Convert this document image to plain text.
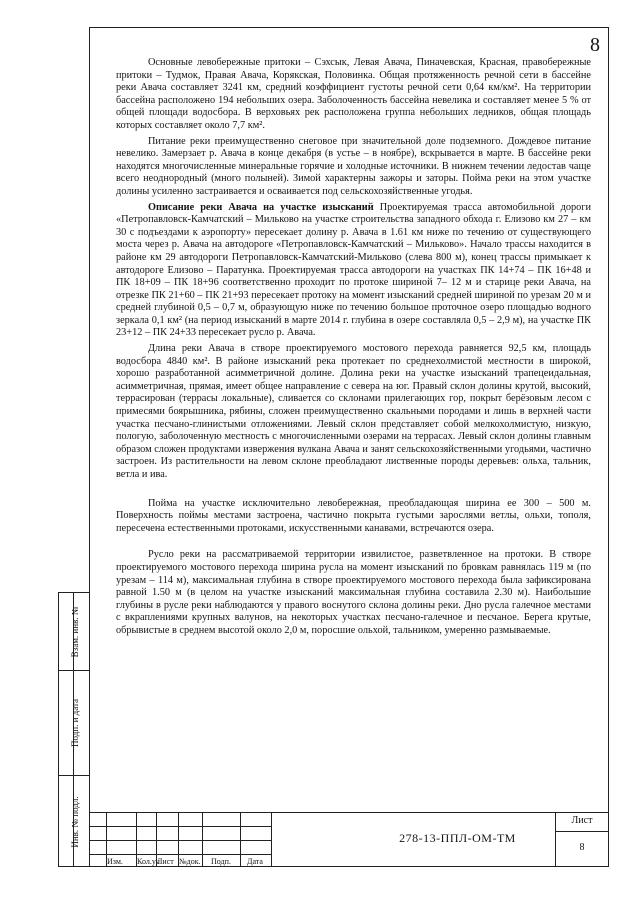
8

Основные левобережные притоки – Сэхсык, Левая Авача, Пиначевская, Красная, правобережные притоки – Тудмок, Правая Авача, Корякская, Половинка. Общая протяженность речной сети в бассейне реки Авача составляет 3241 км, средний коэффициент густоты речной сети 0,64 км/км². На территории бассейна расположено 194 небольших озера. Заболоченность бассейна невелика и составляет менее 5 % от общей площади водосбора. В верховьях рек расположена группа небольших ледников, общая площадь которых составляет около 7,7 км².

Питание реки преимущественно снеговое при значительной доле подземного. Дождевое питание невелико. Замерзает р. Авача в конце декабря (в устье – в ноябре), вскрывается в марте. В бассейне реки находятся многочисленные минеральные горячие и холодные источники. В нижнем течении ледостав чаще всего неоднородный (много полыней). Зимой характерны зажоры и заторы. Пойма реки на этом участке долины усиленно застраивается и осваивается под сельскохозяйственные угодья.

Описание реки Авача на участке изысканий Проектируемая трасса автомобильной дороги «Петропавловск-Камчатский – Мильково на участке строительства западного обхода г. Елизово км 27 – км 30 с подъездами к аэропорту» пересекает долину р. Авача в 1.61 км ниже по течению от существующего моста через р. Авача на автодороге «Петропавловск-Камчатский – Мильково». Начало трассы находится в районе км 29 автодороги Петропавловск-Камчатский-Мильково (слева 800 м), конец трассы примыкает к автодороге Елизово – Паратунка. Проектируемая трасса автодороги на участках ПК 14+74 – ПК 16+48 и ПК 18+09 – ПК 18+96 соответственно проходит по протоке шириной 7– 12 м и старице реки Авача, на отрезке ПК 21+60 – ПК 21+93 пересекает протоку на момент изысканий средней шириной по урезам 20 м и средней глубиной 0,5 – 0,7 м, образующую ниже по течению большое проточное озеро площадью водного зеркала 0,1 км² (на период изысканий в марте 2014 г. глубина в озере составляла 0,5 – 2,9 м), на участке ПК 23+12 – ПК 24+33 пересекает русло р. Авача.

Длина реки Авача в створе проектируемого мостового перехода равняется 92,5 км, площадь водосбора 4840 км². В районе изысканий река протекает по среднехолмистой местности в широкой, хорошо разработанной асимметричной долине. Долина реки на участке изысканий трапецеидальная, асимметричная, прямая, имеет общее направление с севера на юг. Правый склон долины крутой, высокий, террасирован (террасы локальные), сливается со склонами прилегающих гор, покрыт берёзовым лесом с примесями боярышника, рябины, сложен преимущественно скальными породами и лишь в верхней части участка песчано-глинистыми отложениями. Левый склон представляет собой мелкохолмистую, низкую, пологую, заболоченную местность с многочисленными озерами на террасах. Левый склон долины главным образом сложен продуктами извержения вулкана Авача и занят сельскохозяйственными угодьями, частично застроен. Из растительности на левом склоне преобладают лиственные породы деревьев: ольха, тальник, ветла и ива.

Пойма на участке исключительно левобережная, преобладающая ширина ее 300 – 500 м. Поверхность поймы местами застроена, частично покрыта густыми зарослями ветлы, ольхи, тополя, пересечена естественными протоками, искусственными канавами, встречаются озера.

Русло реки на рассматриваемой территории извилистое, разветвленное на протоки. В створе проектируемого мостового перехода ширина русла на момент изысканий по бровкам равнялась 119 м (по урезам – 114 м), максимальная глубина в створе проектируемого мостового перехода была зафиксирована равной 1.50 м (в целом на участке изысканий максимальная глубина составила 2.30 м). Наибольшие глубины в русле реки наблюдаются у правого воснутого склона долины реки. Дно русла галечное местами с вкраплениями крупных валунов, на некоторых участках песчано-галечное и песчаное. Берега крутые, обрывистые в среднем высотой около 2,0 м, поросшие ольхой, тальником, умеренно размываемые.

Взам. инв. №
Подп. и дата
Инв. № подл.
Изм. Кол.уч
Лист №док. Подп. Дата
278-13-ППЛ-ОМ-ТМ
Лист
8
